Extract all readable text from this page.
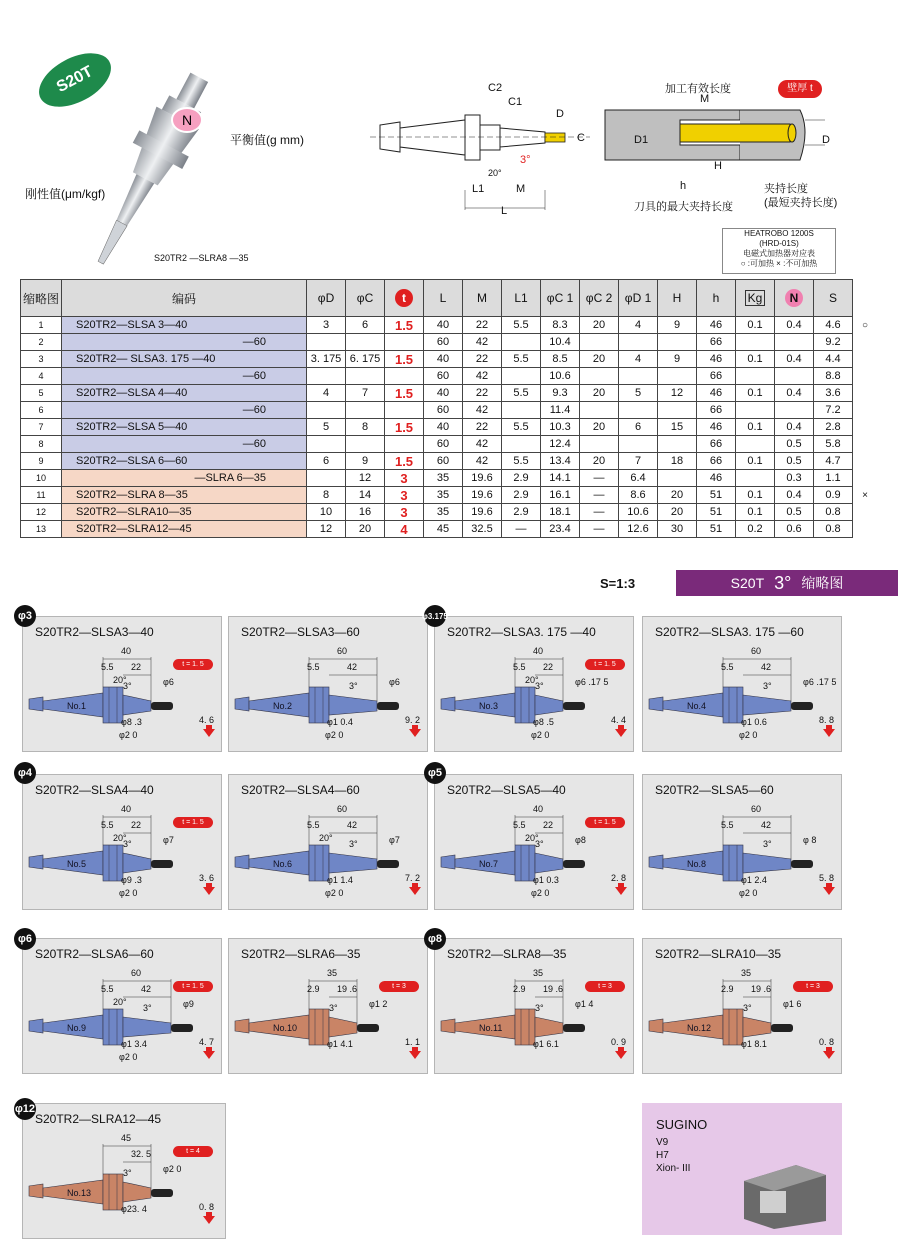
S20T
N
平衡值(g mm)
刚性值(μm/kgf)
S20TR2 —SLRA8 —35
C2
C1
D
C
3°
20°
L1	M
L
加工有效长度
M
壁厚 t
D1	D
H
h	夹持长度
(最短夹持长度)
刀具的最大夹持长度
HEATROBO 1200S
(HRD-01S)
电磁式加热器对应表
○ :可加热 × :不可加热
缩略图	编码	φD	φC	t	L	M	L1	φC 1	φC 2	φD 1	H	h	Kg	N	S	
1	S20TR2—SLSA 3—40	3	6	1.5	40	22	5.5	8.3	20	4	9	46	0.1	0.4	4.6	○
2	—60				60	42		10.4				66			9.2	
3	S20TR2— SLSA3. 175 —40	3. 175	6. 175	1.5	40	22	5.5	8.5	20	4	9	46	0.1	0.4	4.4	
4	—60				60	42		10.6				66			8.8	
5	S20TR2—SLSA 4—40	4	7	1.5	40	22	5.5	9.3	20	5	12	46	0.1	0.4	3.6	
6	—60				60	42		11.4				66			7.2	
7	S20TR2—SLSA 5—40	5	8	1.5	40	22	5.5	10.3	20	6	15	46	0.1	0.4	2.8	
8	—60				60	42		12.4				66		0.5	5.8	
9	S20TR2—SLSA 6—60	6	9	1.5	60	42	5.5	13.4	20	7	18	66	0.1	0.5	4.7	
10	—SLRA 6—35		12	3	35	19.6	2.9	14.1	—	6.4		46		0.3	1.1	
11	S20TR2—SLRA 8—35	8	14	3	35	19.6	2.9	16.1	—	8.6	20	51	0.1	0.4	0.9	×
12	S20TR2—SLRA10—35	10	16	3	35	19.6	2.9	18.1	—	10.6	20	51	0.1	0.5	0.8	
13	S20TR2—SLRA12—45	12	20	4	45	32.5	—	23.4	—	12.6	30	51	0.2	0.6	0.8	
S=1:3	S20T 3° 缩略图
S20TR2—SLSA3—40
40
5.5 22
20°
3°
t = 1. 5
φ6
φ8 .3
φ2 0
4. 6
No.1
S20TR2—SLSA3—60
60
5.5	42
3°	φ6
φ1 0.4
φ2 0
9. 2
No.2
S20TR2—SLSA3. 175 —40
40
5.5 22
20°
3°
t = 1. 5
φ6 .17 5
φ8 .5
φ2 0
4. 4
No.3
S20TR2—SLSA3. 175 —60
60
5.5	42
3°	φ6 .17 5
φ1 0.6
φ2 0
8. 8
No.4
S20TR2—SLSA4—40
40
5.5 22
20°
3°
t = 1. 5
φ7
φ9 .3
φ2 0
3. 6
No.5
S20TR2—SLSA4—60
60
5.5	42
20°
3°	φ7
φ1 1.4
φ2 0
7. 2
No.6
S20TR2—SLSA5—40
40
5.5 22
20°
3°
t = 1. 5
φ8
φ1 0.3
φ2 0
2. 8
No.7
S20TR2—SLSA5—60
60
5.5	42
3°	φ 8
φ1 2.4
φ2 0
5. 8
No.8
S20TR2—SLSA6—60
60
5.5	42
20°
3°
t = 1. 5
φ9
φ1 3.4
φ2 0
4. 7
No.9
S20TR2—SLRA6—35
35
2.9 19 .6
3°
t = 3
φ1 2
φ1 4.1	1. 1
No.10
S20TR2—SLRA8—35
35
2.9 19 .6
3°
t = 3
φ1 4
φ1 6.1	0. 9
No.11
S20TR2—SLRA10—35
35
2.9 19 .6
3°
t = 3
φ1 6
φ1 8.1	0. 8
No.12
S20TR2—SLRA12—45
45
32. 5
3°
t = 4
φ2 0
φ23. 4	0. 8
No.13
φ3	φ3.175
φ4	φ5
φ6	φ8
φ12
SUGINO
V9
H7
Xion- III
